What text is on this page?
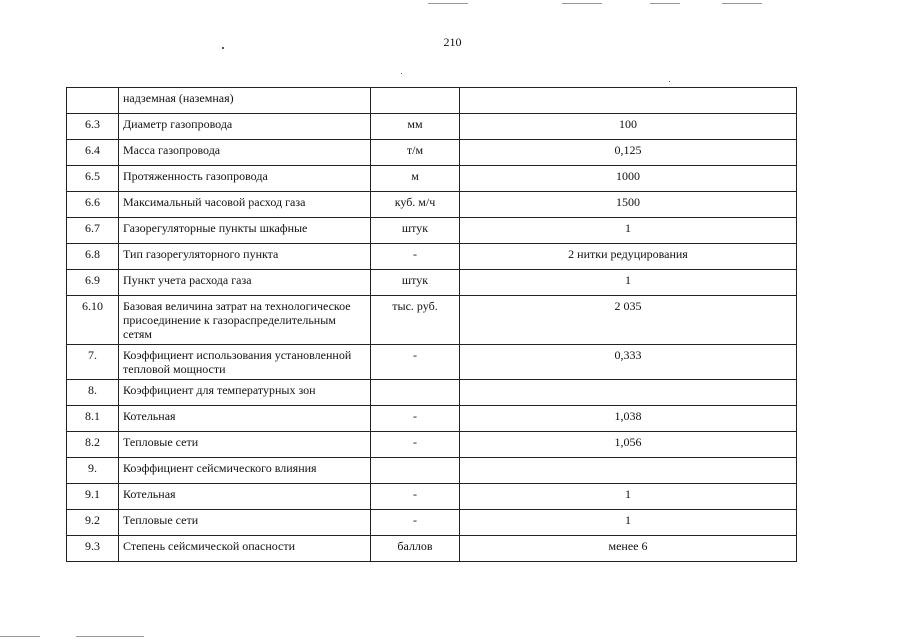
210
	надземная (наземная)		
6.3	Диаметр газопровода	мм	100
6.4	Масса газопровода	т/м	0,125
6.5	Протяженность газопровода	м	1000
6.6	Максимальный часовой расход газа	куб. м/ч	1500
6.7	Газорегуляторные пункты шкафные	штук	1
6.8	Тип газорегуляторного пункта	-	2 нитки редуцирования
6.9	Пункт учета расхода газа	штук	1
6.10	Базовая величина затрат на технологическое присоединение к газораспределительным сетям	тыс. руб.	2 035
7.	Коэффициент использования установленной тепловой мощности	-	0,333
8.	Коэффициент для температурных зон		
8.1	Котельная	-	1,038
8.2	Тепловые сети	-	1,056
9.	Коэффициент сейсмического влияния		
9.1	Котельная	-	1
9.2	Тепловые сети	-	1
9.3	Степень сейсмической опасности	баллов	менее 6
